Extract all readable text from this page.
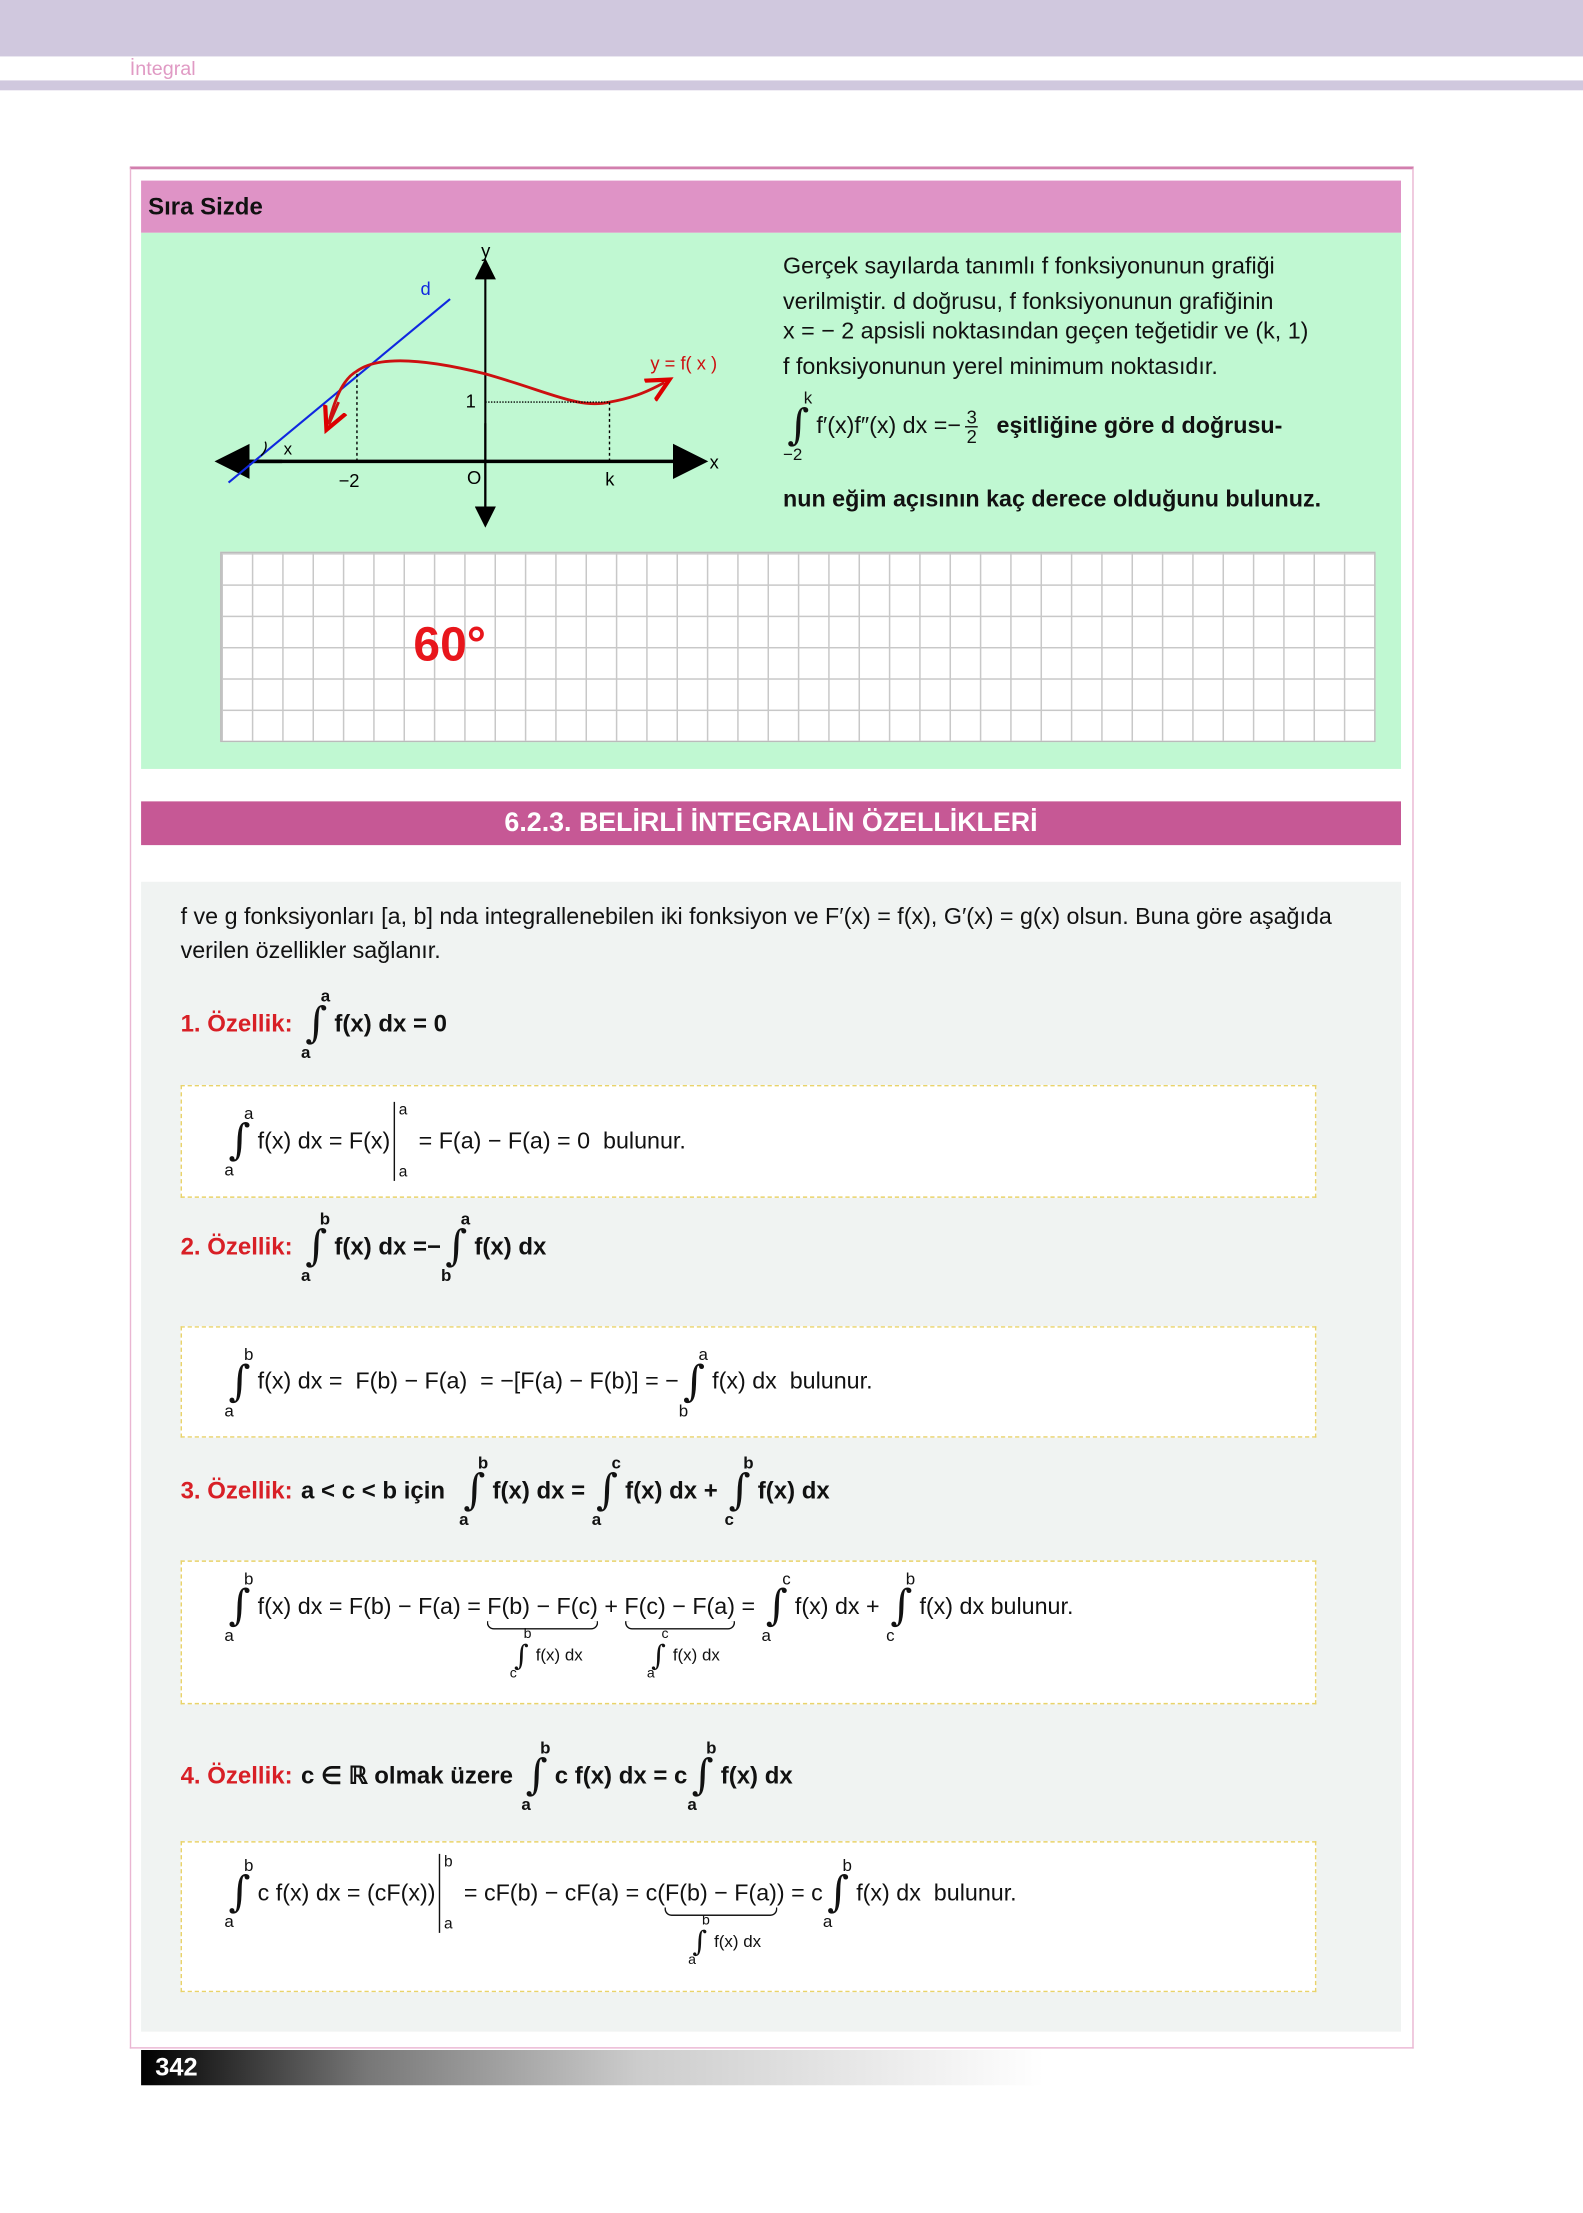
İntegral
Sıra Sizde
y
x
d
y = f( x )
1
−2	O	k
x
Gerçek sayılarda tanımlı f fonksiyonunun grafiği
verilmiştir. d doğrusu, f fonksiyonunun grafiğinin
x = − 2 apsisli noktasından geçen teğetidir ve (k, 1)
f fonksiyonunun yerel minimum noktasıdır.
k
∫
−2
f′(x)f″(x) dx =− $\frac{3}{2}$ eşitliğine göre d doğrusu-
nun eğim açısının kaç derece olduğunu bulunuz.
60°
6.2.3. BELİRLİ İNTEGRALİN ÖZELLİKLERİ
f ve g fonksiyonları [a, b] nda integrallenebilen iki fonksiyon ve F′(x) = f(x), G′(x) = g(x) olsun. Buna göre aşağıda verilen özellikler sağlanır.
1. Özellik:
a
∫
a
f(x) dx = 0
a
∫
a
f(x) dx = F(x)
a
a
= F(a) − F(a) = 0  bulunur.
2. Özellik:
b
∫
a
f(x) dx =−
a
∫
b
f(x) dx
b
∫
a
f(x) dx =  F(b) − F(a)  = −[F(a) − F(b)] = −
a
∫
b
f(x) dx  bulunur.
3. Özellik: a < c < b için
b
∫
a
f(x) dx =
c
∫
a
f(x) dx +
b
∫
c
f(x) dx
b
∫
a
f(x) dx = F(b) − F(a) = F(b) − F(c)
b
∫
c
f(x) dx
+ F(c) − F(a)
c
∫
a
f(x) dx
=
c
∫
a
f(x) dx +
b
∫
c
f(x) dx bulunur.
4. Özellik: c ∈ ℝ olmak üzere
b
∫
a
c f(x) dx = c
b
∫
a
f(x) dx
b
∫
a
c f(x) dx = (cF(x))
b
a
= cF(b) − cF(a) = c( F(b) − F(a)
b
∫
a
f(x) dx
) = c
b
∫
a
f(x) dx  bulunur.
342
